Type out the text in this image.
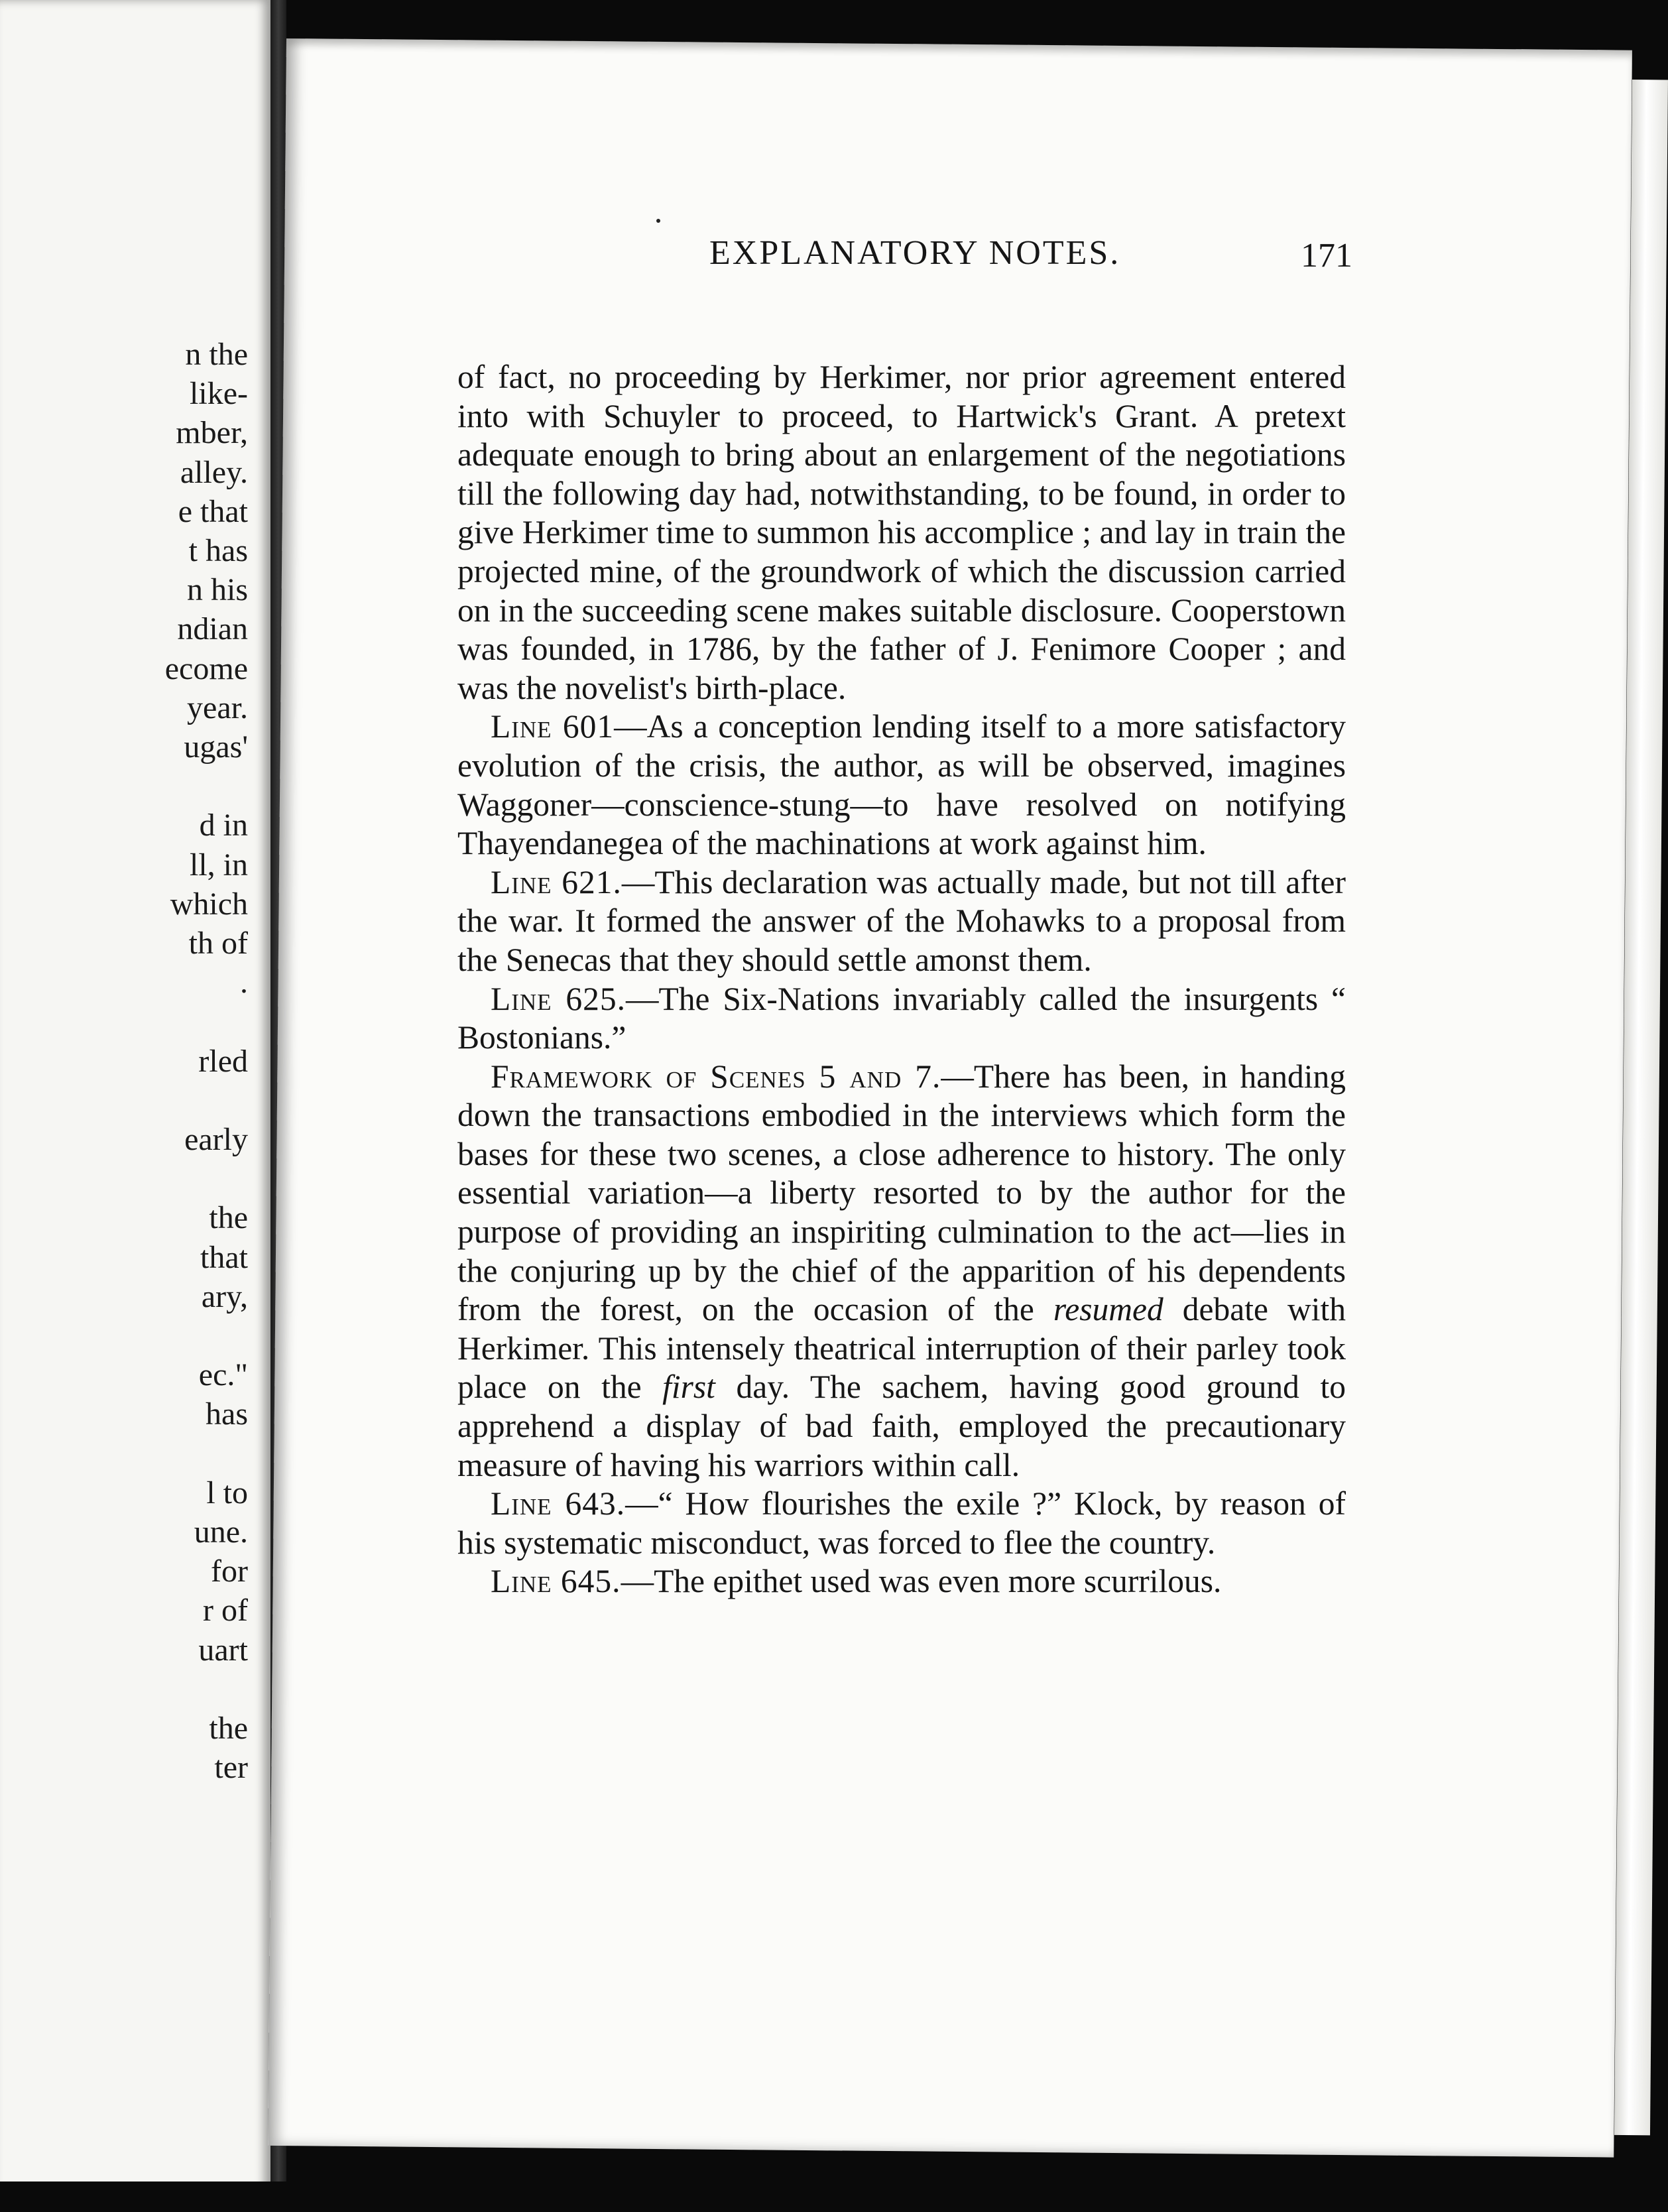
n the
like-
mber,
alley.
e that
t has
n his
ndian
ecome
year.
ugas'
d in
ll, in
which
th of
.
rled
early
the
that
ary,
ec."
has
l to
une.
for
r of
uart
the
ter
EXPLANATORY NOTES.	171

of fact, no proceeding by Herkimer, nor prior agreement entered into with Schuyler to proceed, to Hartwick's Grant. A pretext adequate enough to bring about an enlargement of the negotiations till the following day had, notwithstanding, to be found, in order to give Herkimer time to summon his accomplice ; and lay in train the projected mine, of the groundwork of which the discussion carried on in the succeeding scene makes suitable disclosure. Cooperstown was founded, in 1786, by the father of J. Fenimore Cooper ; and was the novelist's birth-place.

Line 601—As a conception lending itself to a more satisfactory evolution of the crisis, the author, as will be observed, imagines Waggoner—conscience-stung—to have resolved on notifying Thayendanegea of the machinations at work against him.

Line 621.—This declaration was actually made, but not till after the war. It formed the answer of the Mohawks to a proposal from the Senecas that they should settle amonst them.

Line 625.—The Six-Nations invariably called the insurgents “ Bostonians.”

Framework of Scenes 5 and 7.—There has been, in handing down the transactions embodied in the interviews which form the bases for these two scenes, a close adherence to history. The only essential variation—a liberty resorted to by the author for the purpose of providing an inspiriting culmination to the act—lies in the conjuring up by the chief of the apparition of his dependents from the forest, on the occasion of the resumed debate with Herkimer. This intensely theatrical interruption of their parley took place on the first day. The sachem, having good ground to apprehend a display of bad faith, employed the precautionary measure of having his warriors within call.

Line 643.—“ How flourishes the exile ?” Klock, by reason of his systematic misconduct, was forced to flee the country.

Line 645.—The epithet used was even more scurrilous.
